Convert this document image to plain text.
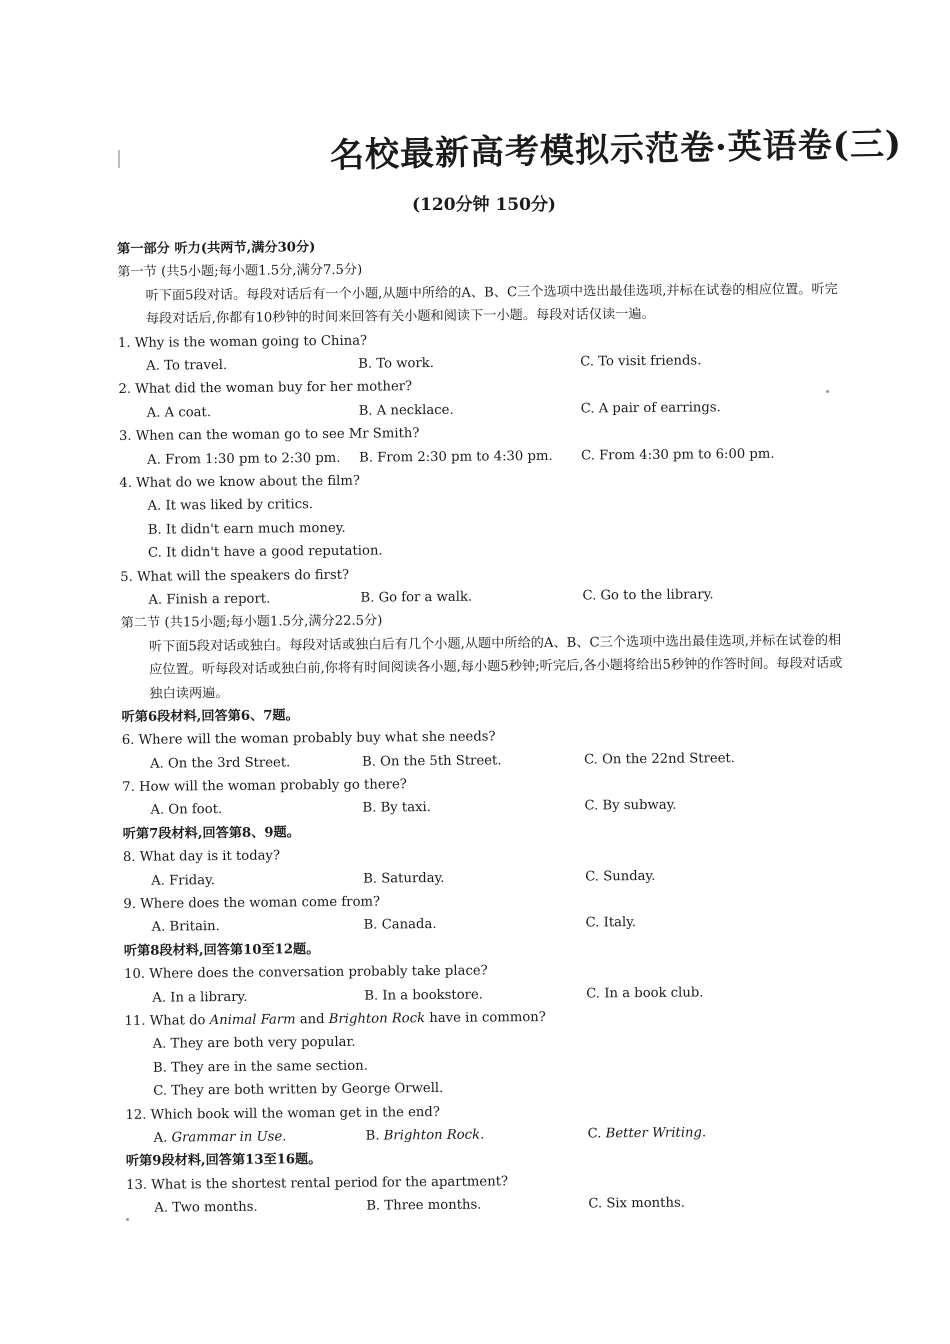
名校最新高考模拟示范卷·英语卷(三)
(120分钟 150分)
第一部分 听力(共两节,满分30分)
第一节 (共5小题;每小题1.5分,满分7.5分)
听下面5段对话。每段对话后有一个小题,从题中所给的A、B、C三个选项中选出最佳选项,并标在试卷的相应位置。听完每段对话后,你都有10秒钟的时间来回答有关小题和阅读下一小题。每段对话仅读一遍。
1. Why is the woman going to China?
A. To travel.	B. To work.	C. To visit friends.
2. What did the woman buy for her mother?
A. A coat.	B. A necklace.	C. A pair of earrings.
3. When can the woman go to see Mr Smith?
A. From 1:30 pm to 2:30 pm. B. From 2:30 pm to 4:30 pm. C. From 4:30 pm to 6:00 pm.
4. What do we know about the film?
A. It was liked by critics.
B. It didn't earn much money.
C. It didn't have a good reputation.
5. What will the speakers do first?
A. Finish a report.	B. Go for a walk.	C. Go to the library.
第二节 (共15小题;每小题1.5分,满分22.5分)
听下面5段对话或独白。每段对话或独白后有几个小题,从题中所给的A、B、C三个选项中选出最佳选项,并标在试卷的相应位置。听每段对话或独白前,你将有时间阅读各小题,每小题5秒钟;听完后,各小题将给出5秒钟的作答时间。每段对话或独白读两遍。
听第6段材料,回答第6、7题。
6. Where will the woman probably buy what she needs?
A. On the 3rd Street.	B. On the 5th Street.	C. On the 22nd Street.
7. How will the woman probably go there?
A. On foot.	B. By taxi.	C. By subway.
听第7段材料,回答第8、9题。
8. What day is it today?
A. Friday.	B. Saturday.	C. Sunday.
9. Where does the woman come from?
A. Britain.	B. Canada.	C. Italy.
听第8段材料,回答第10至12题。
10. Where does the conversation probably take place?
A. In a library.	B. In a bookstore.	C. In a book club.
11. What do Animal Farm and Brighton Rock have in common?
A. They are both very popular.
B. They are in the same section.
C. They are both written by George Orwell.
12. Which book will the woman get in the end?
A. Grammar in Use.	B. Brighton Rock.	C. Better Writing.
听第9段材料,回答第13至16题。
13. What is the shortest rental period for the apartment?
A. Two months.	B. Three months.	C. Six months.
